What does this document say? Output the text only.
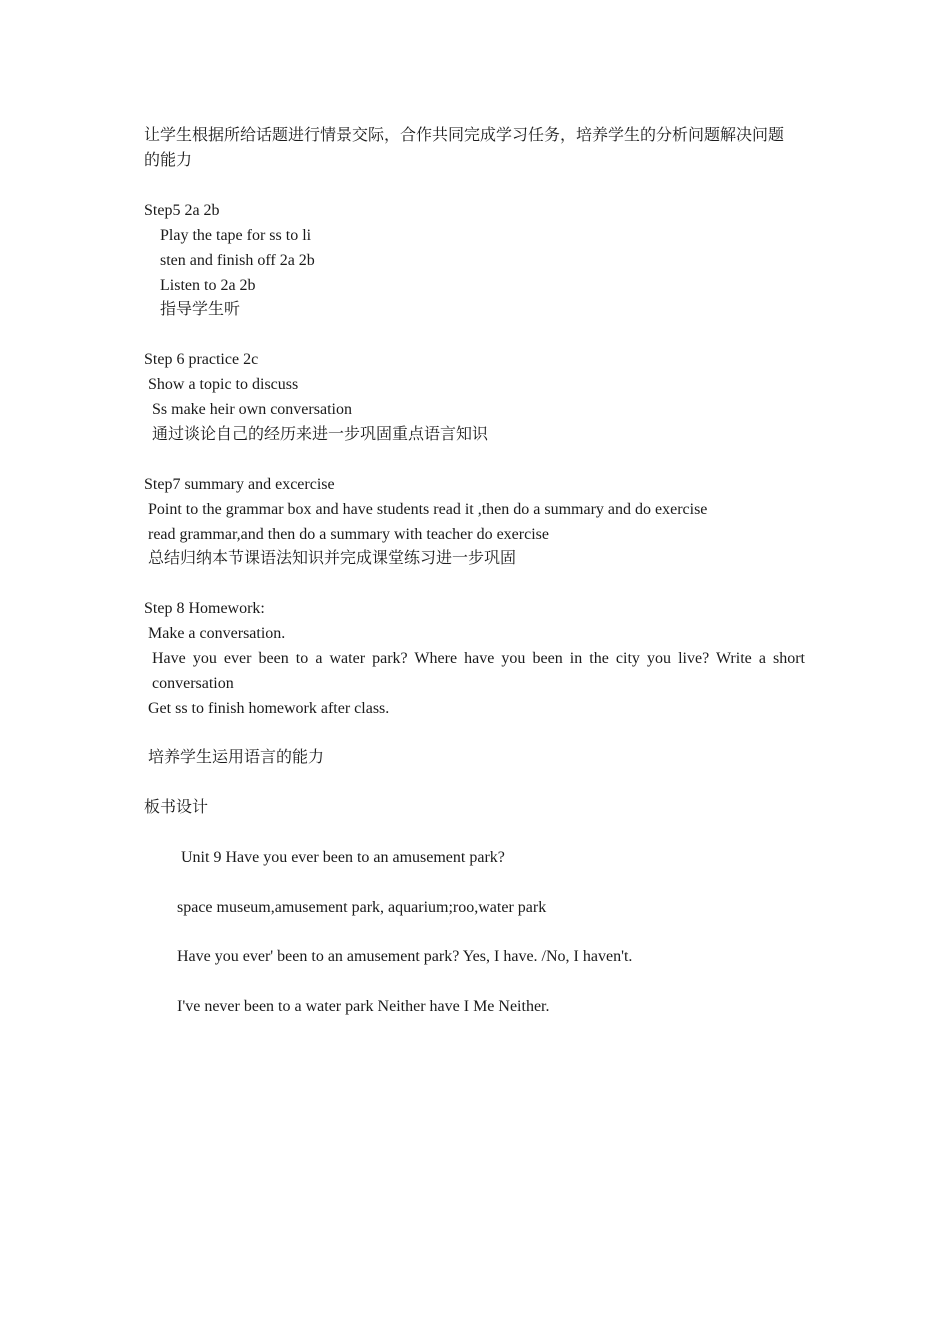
让学生根据所给话题进行情景交际，合作共同完成学习任务，培养学生的分析问题解决问题
的能力
Step5 2a 2b
Play the tape for ss to li
sten and finish off 2a 2b
Listen to 2a 2b
指导学生听
Step 6 practice 2c
Show a topic to discuss
Ss make heir own conversation
通过谈论自己的经历来进一步巩固重点语言知识
Step7 summary and excercise
Point to the grammar box and have students read it ,then do a summary and do exercise
read grammar,and then do a summary with teacher do exercise
总结归纳本节课语法知识并完成课堂练习进一步巩固
Step 8 Homework:
Make a conversation.
Have you ever been to a water park? Where have you been in the city you live? Write a short
conversation
Get ss to finish homework after class.
培养学生运用语言的能力
板书设计
Unit 9 Have you ever been to an amusement park?
space museum,amusement park, aquarium;roo,water park
Have you ever' been to an amusement park? Yes, I have. /No, I haven't.
I've never been to a water park Neither have I Me Neither.
